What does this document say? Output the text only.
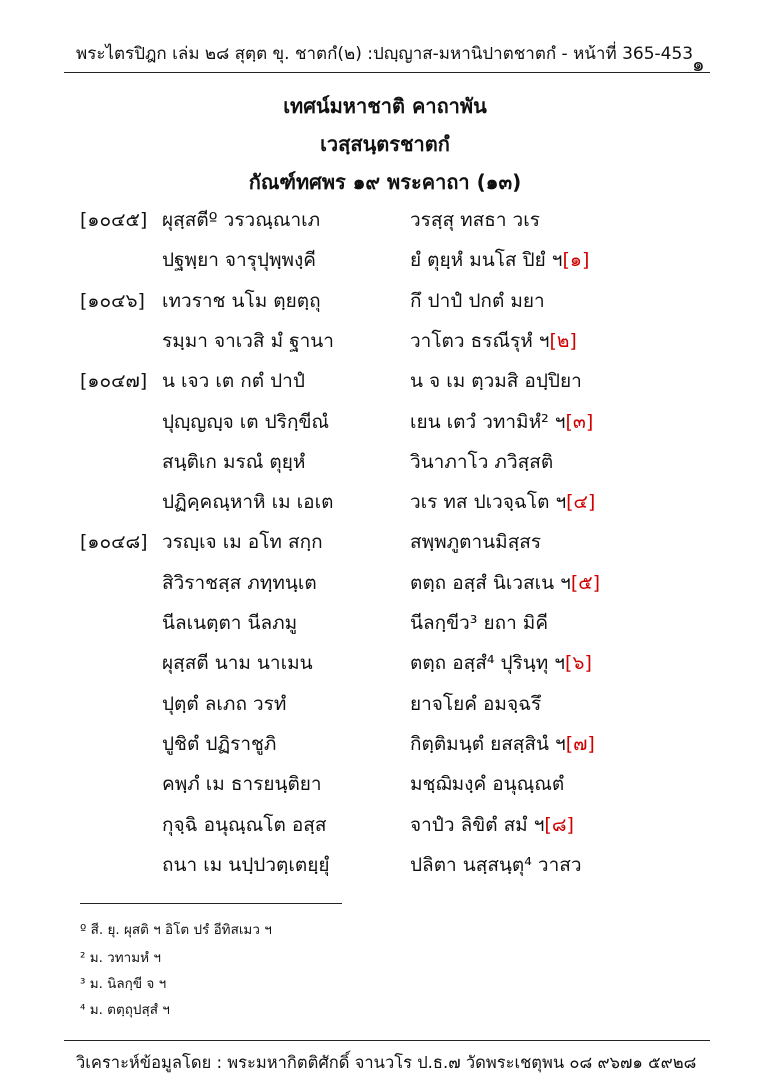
พระไตรปิฎก เล่ม ๒๘ สุตฺต ขุ. ชาตกํ(๒) :ปญฺญาส-มหานิปาตชาตกํ - หน้าที่ 365-453
๑
เทศน์มหาชาติ คาถาพัน
เวสฺสนฺตรชาตกํ
กัณฑ์ทศพร ๑๙ พระคาถา (๑๓)
[๑๐๔๕] ผุสฺสตีº วรวณฺณาเภ	วรสฺสุ ทสธา วเร
ปฐพฺยา จารุปุพฺพงฺคี	ยํ ตุยฺหํ มนโส ปิยํ ฯ[๑]
[๑๐๔๖] เทวราช นโม ตฺยตฺถุ	กึ ปาปํ ปกตํ มยา
รมฺมา จาเวสิ มํ ฐานา	วาโตว ธรณีรุหํ ฯ[๒]
[๑๐๔๗] น เจว เต กตํ ปาปํ	น จ เม ตฺวมสิ อปฺปิยา
ปุญฺญญฺจ เต ปริกฺขีณํ	เยน เตวํ วทามิหํ² ฯ[๓]
สนฺติเก มรณํ ตุยฺหํ	วินาภาโว ภวิสฺสติ
ปฏิคฺคณฺหาหิ เม เอเต	วเร ทส ปเวจฺฉโต ฯ[๔]
[๑๐๔๘] วรญฺเจ เม อโท สกฺก	สพฺพภูตานมิสฺสร
สิวิราชสฺส ภทฺทนฺเต	ตตฺถ อสฺสํ นิเวสเน ฯ[๕]
นีลเนตฺตา นีลภมู	นีลกฺขีว³ ยถา มิคี
ผุสฺสตี นาม นาเมน	ตตฺถ อสฺสํ⁴ ปุรินฺทุ ฯ[๖]
ปุตฺตํ ลเภถ วรทํ	ยาจโยคํ อมจฺฉรึ
ปูชิตํ ปฏิราชูภิ	กิตฺติมนฺตํ ยสสฺสินํ ฯ[๗]
คพฺภํ เม ธารยนฺติยา	มชฺฌิมงฺคํ อนุณฺณตํ
กุจฺฉิ อนุณฺณโต อสฺส	จาปํว ลิขิตํ สมํ ฯ[๘]
ถนา เม นปฺปวตฺเตยฺยุํ	ปลิตา นสฺสนฺตุ⁴ วาสว
º สี. ยุ. ผุสติ ฯ อิโต ปรํ อีทิสเมว ฯ
² ม. วทามหํ ฯ
³ ม. นิลกฺขี จ ฯ
⁴ ม. ตตฺถุปสฺสํ ฯ
วิเคราะห์ข้อมูลโดย : พระมหากิตติศักดิ์ จานวโร ป.ธ.๗ วัดพระเชตุพน ๐๘ ๙๖๗๑ ๕๙๒๘
